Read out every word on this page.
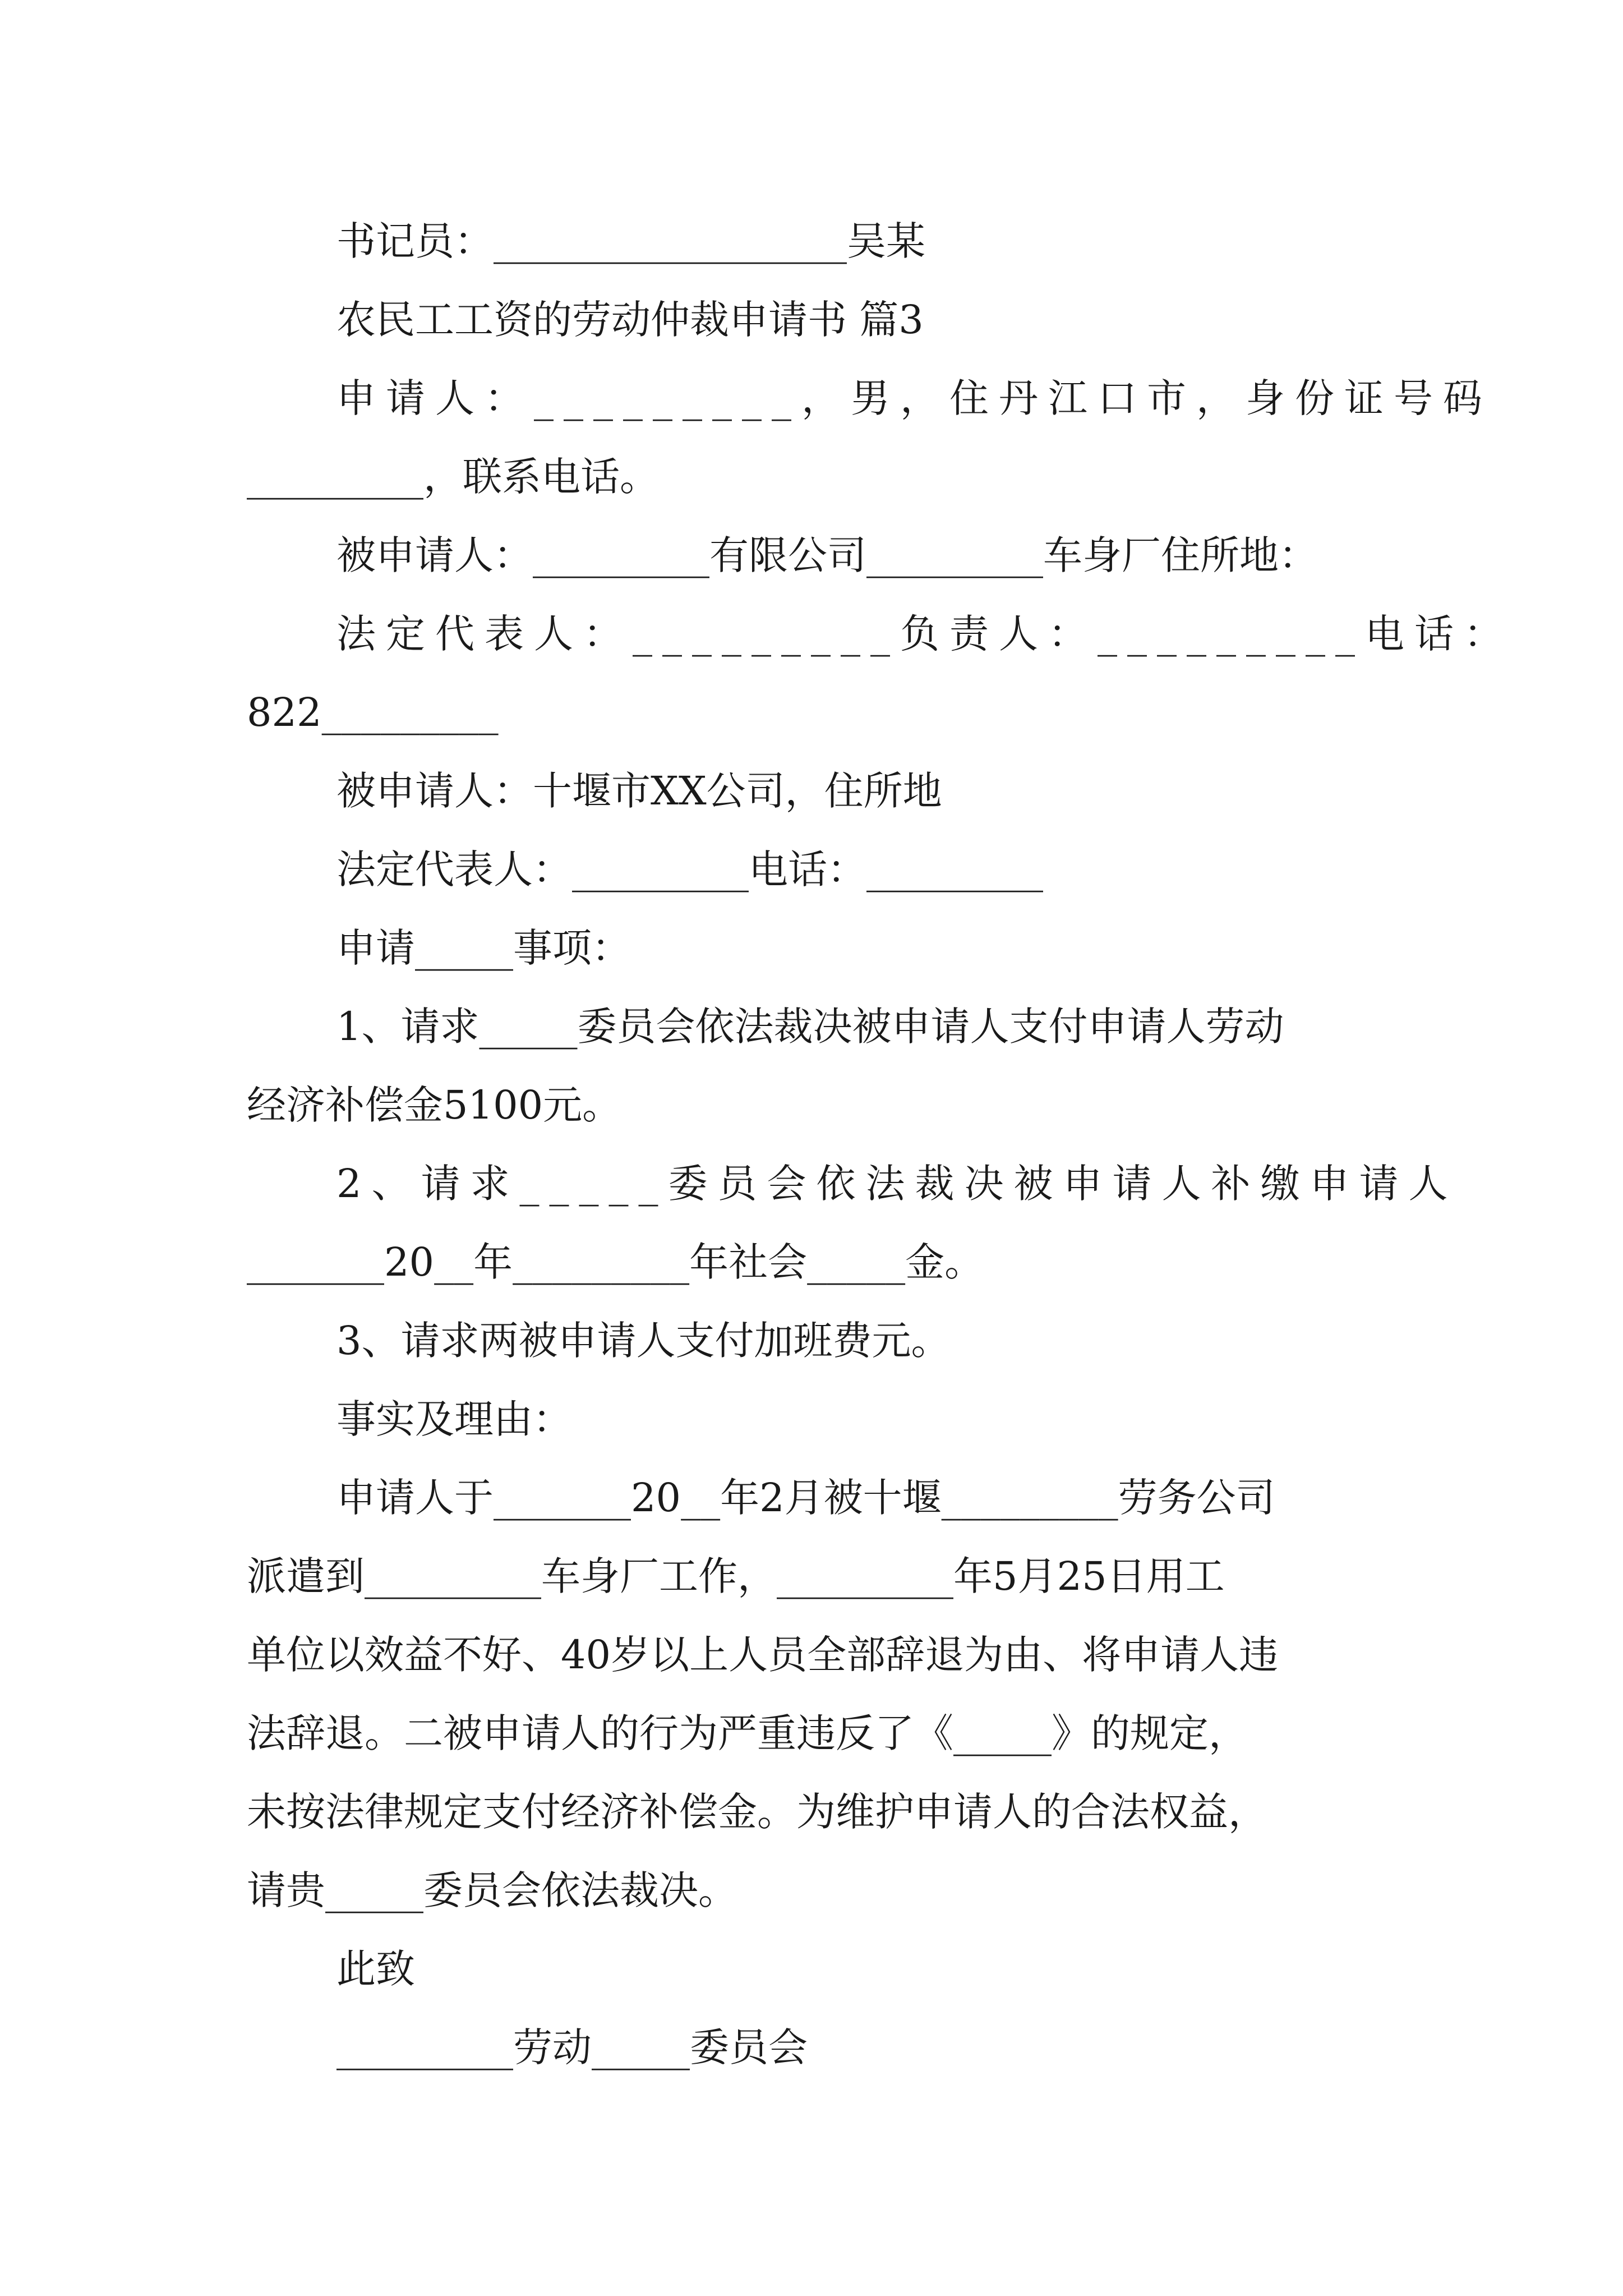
书记员：__________________吴某
农民工工资的劳动仲裁申请书 篇3
申请人：_________，男，住丹江口市，身份证号码
_________，联系电话。
被申请人：_________有限公司_________车身厂住所地：
法定代表人：_________负责人：_________电话：
822_________
被申请人：十堰市XX公司，住所地
法定代表人：_________电话：_________
申请_____事项：
1、请求_____委员会依法裁决被申请人支付申请人劳动
经济补偿金5100元。
2、请求_____委员会依法裁决被申请人补缴申请人
_______20__年_________年社会_____金。
3、请求两被申请人支付加班费元。
事实及理由：
申请人于_______20__年2月被十堰_________劳务公司
派遣到_________车身厂工作，_________年5月25日用工
单位以效益不好、40岁以上人员全部辞退为由、将申请人违
法辞退。二被申请人的行为严重违反了《_____》的规定，
未按法律规定支付经济补偿金。为维护申请人的合法权益，
请贵_____委员会依法裁决。
此致
_________劳动_____委员会
